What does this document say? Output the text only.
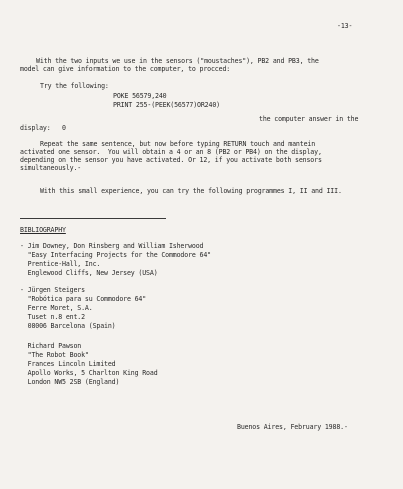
-13-
With the two inputs we use in the sensors ("moustaches"), PB2 and PB3, the
model can give information to the computer, to procced:
Try the following:
POKE 56579,240
PRINT 255-(PEEK(56577)OR240)
the computer answer in the
display:   0
Repeat the same sentence, but now before typing RETURN touch and mantein
activated one sensor.  You will obtain a 4 or an 8 (PB2 or PB4) on the display,
depending on the sensor you have activated. Or 12, if you activate both sensors
simultaneously.-
With this small experience, you can try the following programmes I, II and III.
BIBLIOGRAPHY
- Jim Downey, Don Rinsberg and William Isherwood
"Easy Interfacing Projects for the Commodore 64"
Prentice-Hall, Inc.
Englewood Cliffs, New Jersey (USA)
- Jürgen Steigers
"Robótica para su Commodore 64"
Ferre Moret, S.A.
Tuset n.8 ent.2
08006 Barcelona (Spain)
Richard Pawson
"The Robot Book"
Frances Lincoln Limited
Apollo Works, 5 Charlton King Road
London NW5 2SB (England)
Buenos Aires, February 1988.-
